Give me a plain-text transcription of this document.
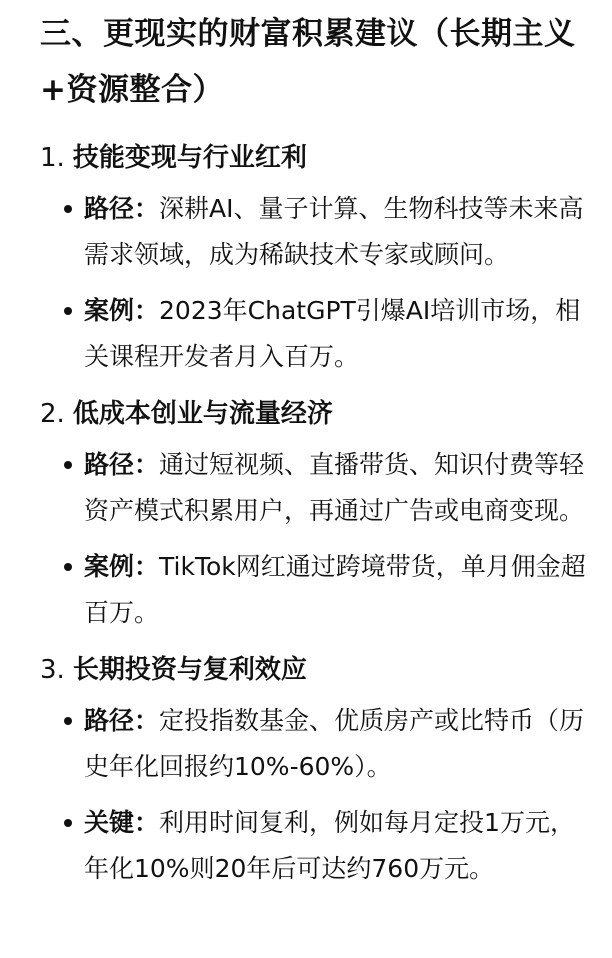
三、更现实的财富积累建议（长期主义+资源整合）
1. 技能变现与行业红利
路径：深耕AI、量子计算、生物科技等未来高需求领域，成为稀缺技术专家或顾问。
案例：2023年ChatGPT引爆AI培训市场，相关课程开发者月入百万。
2. 低成本创业与流量经济
路径：通过短视频、直播带货、知识付费等轻资产模式积累用户，再通过广告或电商变现。
案例：TikTok网红通过跨境带货，单月佣金超百万。
3. 长期投资与复利效应
路径：定投指数基金、优质房产或比特币（历史年化回报约10%-60%）。
关键：利用时间复利，例如每月定投1万元，年化10%则20年后可达约760万元。
